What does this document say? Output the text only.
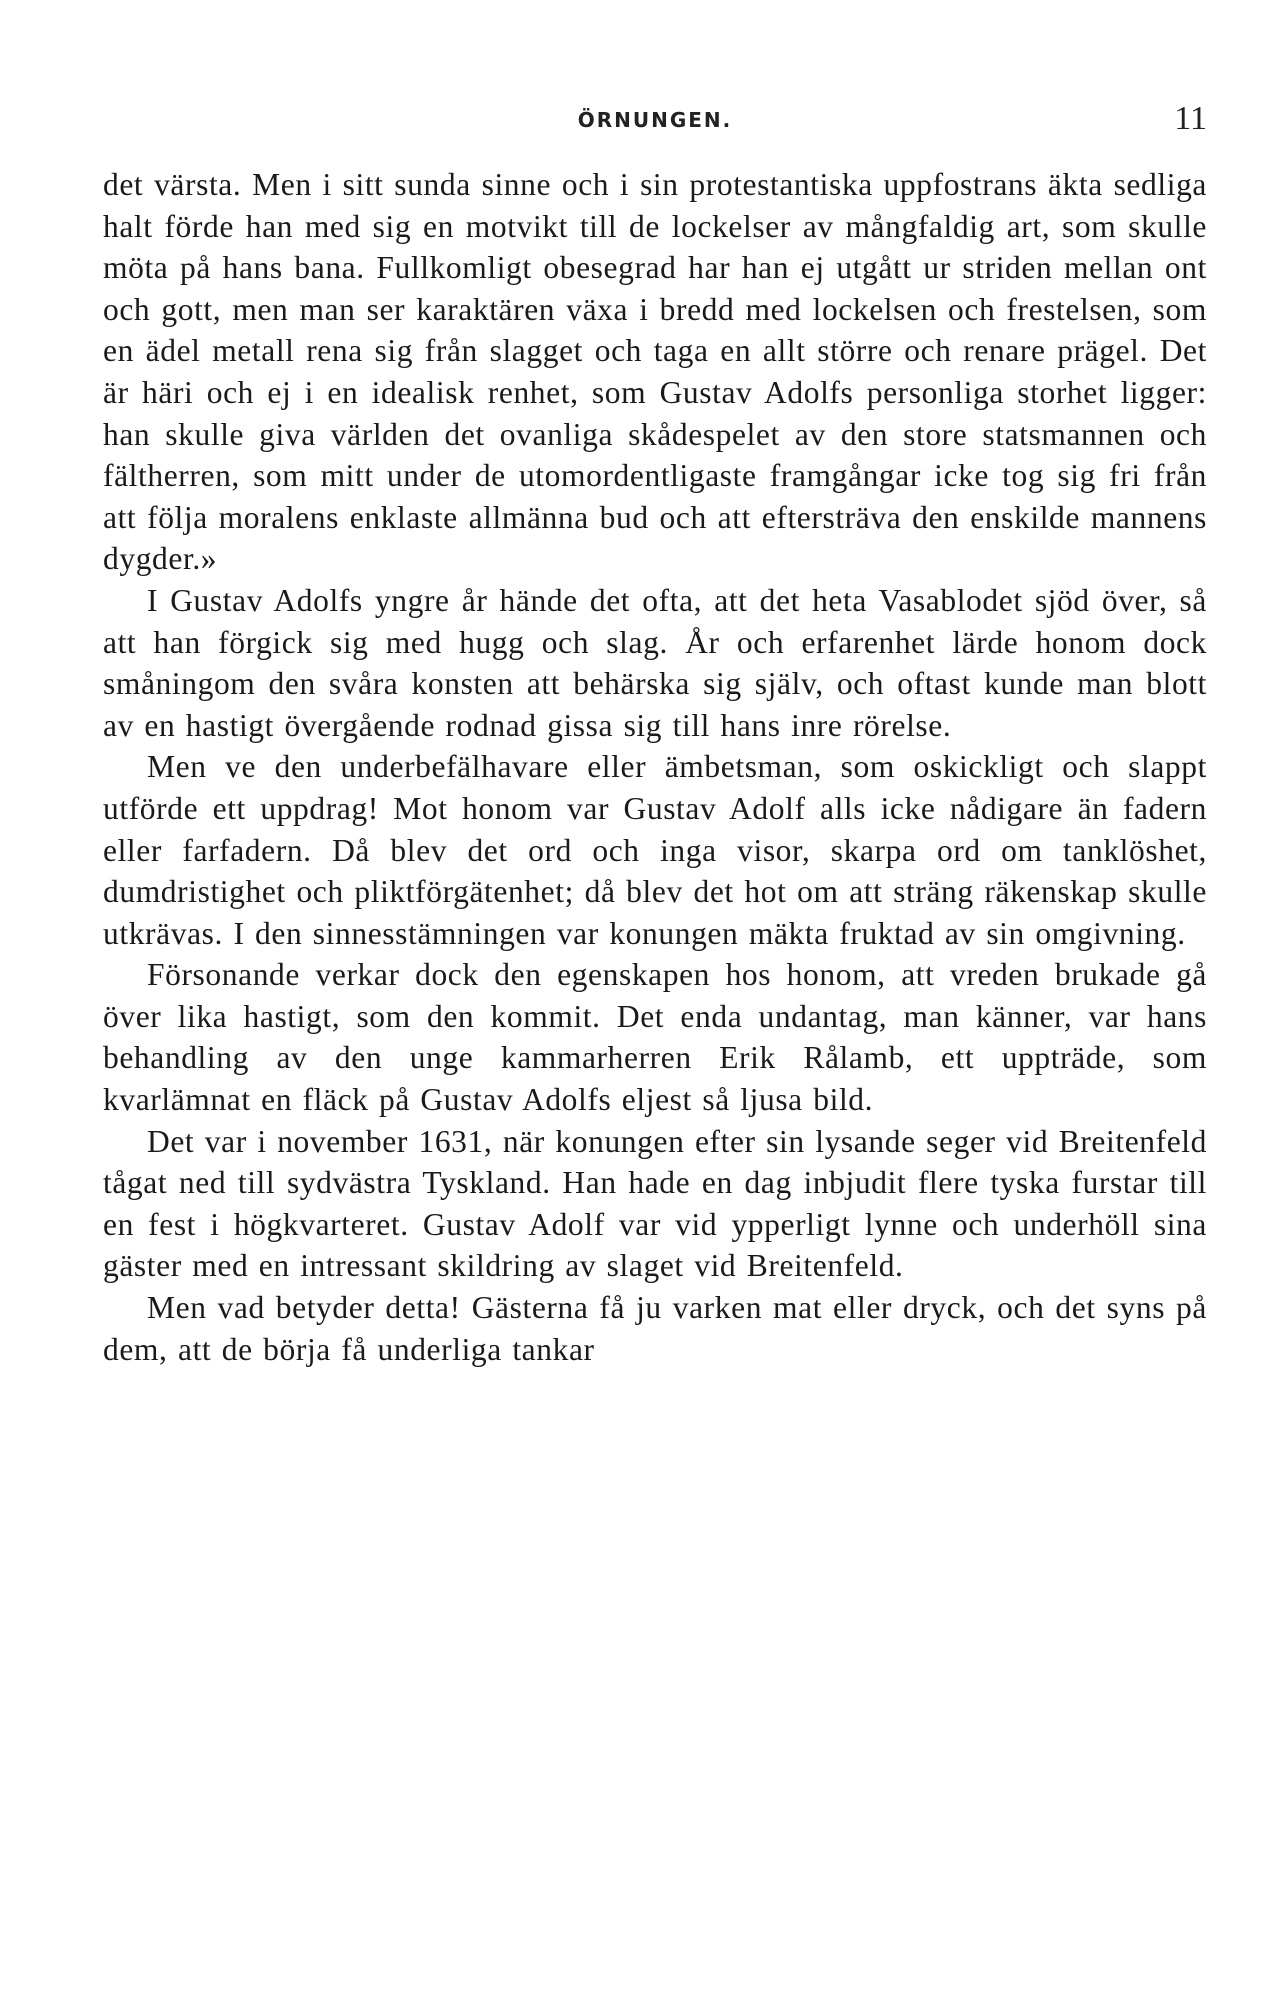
ÖRNUNGEN.	11

det värsta. Men i sitt sunda sinne och i sin protestantiska uppfostrans äkta sedliga halt förde han med sig en motvikt till de lockelser av mångfaldig art, som skulle möta på hans bana. Fullkomligt obesegrad har han ej utgått ur striden mellan ont och gott, men man ser karaktären växa i bredd med lockelsen och frestelsen, som en ädel metall rena sig från slagget och taga en allt större och renare prägel. Det är häri och ej i en idealisk renhet, som Gustav Adolfs personliga storhet ligger: han skulle giva världen det ovanliga skådespelet av den store statsmannen och fältherren, som mitt under de utomordentligaste framgångar icke tog sig fri från att följa moralens enklaste allmänna bud och att eftersträva den enskilde mannens dygder.»

I Gustav Adolfs yngre år hände det ofta, att det heta Vasablodet sjöd över, så att han förgick sig med hugg och slag. År och erfarenhet lärde honom dock småningom den svåra konsten att behärska sig själv, och oftast kunde man blott av en hastigt övergående rodnad gissa sig till hans inre rörelse.

Men ve den underbefälhavare eller ämbetsman, som oskickligt och slappt utförde ett uppdrag! Mot honom var Gustav Adolf alls icke nådigare än fadern eller farfadern. Då blev det ord och inga visor, skarpa ord om tanklöshet, dumdristighet och pliktförgätenhet; då blev det hot om att sträng räkenskap skulle utkrävas. I den sinnesstämningen var konungen mäkta fruktad av sin omgivning.

Försonande verkar dock den egenskapen hos honom, att vreden brukade gå över lika hastigt, som den kommit. Det enda undantag, man känner, var hans behandling av den unge kammarherren Erik Rålamb, ett uppträde, som kvarlämnat en fläck på Gustav Adolfs eljest så ljusa bild.

Det var i november 1631, när konungen efter sin lysande seger vid Breitenfeld tågat ned till sydvästra Tyskland. Han hade en dag inbjudit flere tyska furstar till en fest i högkvarteret. Gustav Adolf var vid ypperligt lynne och underhöll sina gäster med en intressant skildring av slaget vid Breitenfeld.

Men vad betyder detta! Gästerna få ju varken mat eller dryck, och det syns på dem, att de börja få underliga tankar
